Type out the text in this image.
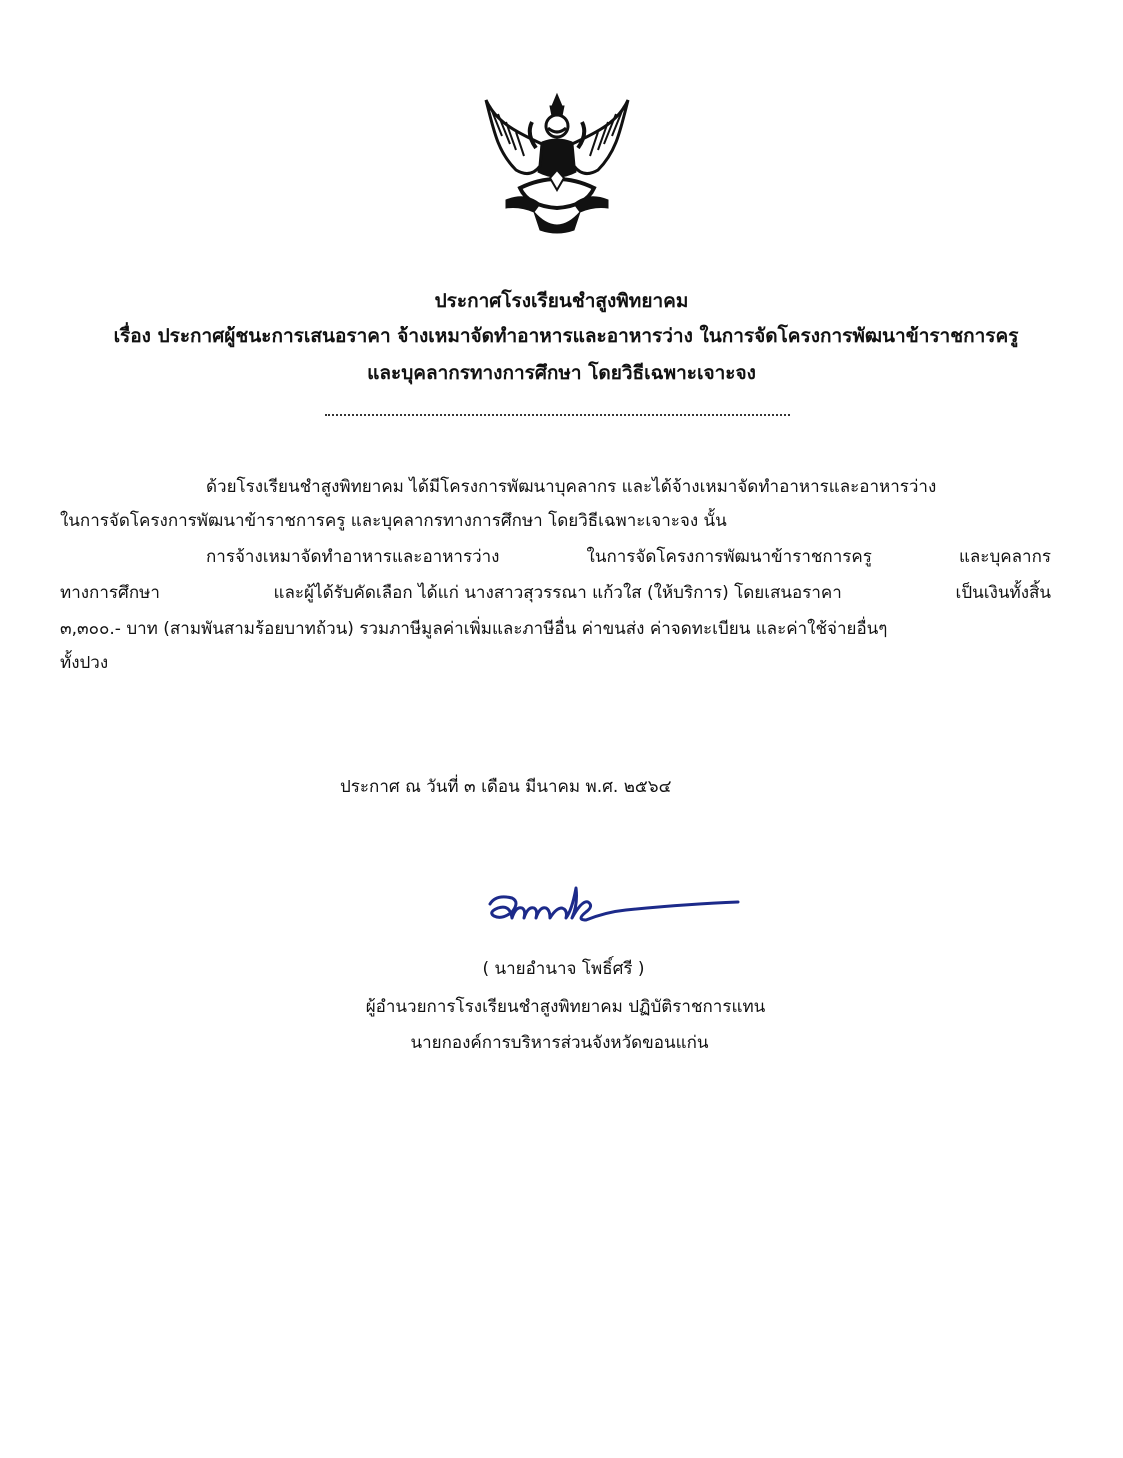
ประกาศโรงเรียนชำสูงพิทยาคม
เรื่อง ประกาศผู้ชนะการเสนอราคา จ้างเหมาจัดทำอาหารและอาหารว่าง ในการจัดโครงการพัฒนาข้าราชการครู
และบุคลากรทางการศึกษา โดยวิธีเฉพาะเจาะจง
ด้วยโรงเรียนชำสูงพิทยาคม ได้มีโครงการพัฒนาบุคลากร และได้จ้างเหมาจัดทำอาหารและอาหารว่าง
ในการจัดโครงการพัฒนาข้าราชการครู และบุคลากรทางการศึกษา โดยวิธีเฉพาะเจาะจง นั้น
การจ้างเหมาจัดทำอาหารและอาหารว่าง	ในการจัดโครงการพัฒนาข้าราชการครู	และบุคลากร
ทางการศึกษา	และผู้ได้รับคัดเลือก ได้แก่ นางสาวสุวรรณา แก้วใส (ให้บริการ) โดยเสนอราคา	เป็นเงินทั้งสิ้น
๓,๓๐๐.- บาท (สามพันสามร้อยบาทถ้วน) รวมภาษีมูลค่าเพิ่มและภาษีอื่น ค่าขนส่ง ค่าจดทะเบียน และค่าใช้จ่ายอื่นๆ
ทั้งปวง
ประกาศ ณ วันที่ ๓ เดือน มีนาคม พ.ศ. ๒๕๖๔
( นายอำนาจ โพธิ์ศรี )
ผู้อำนวยการโรงเรียนชำสูงพิทยาคม ปฏิบัติราชการแทน
นายกองค์การบริหารส่วนจังหวัดขอนแก่น
